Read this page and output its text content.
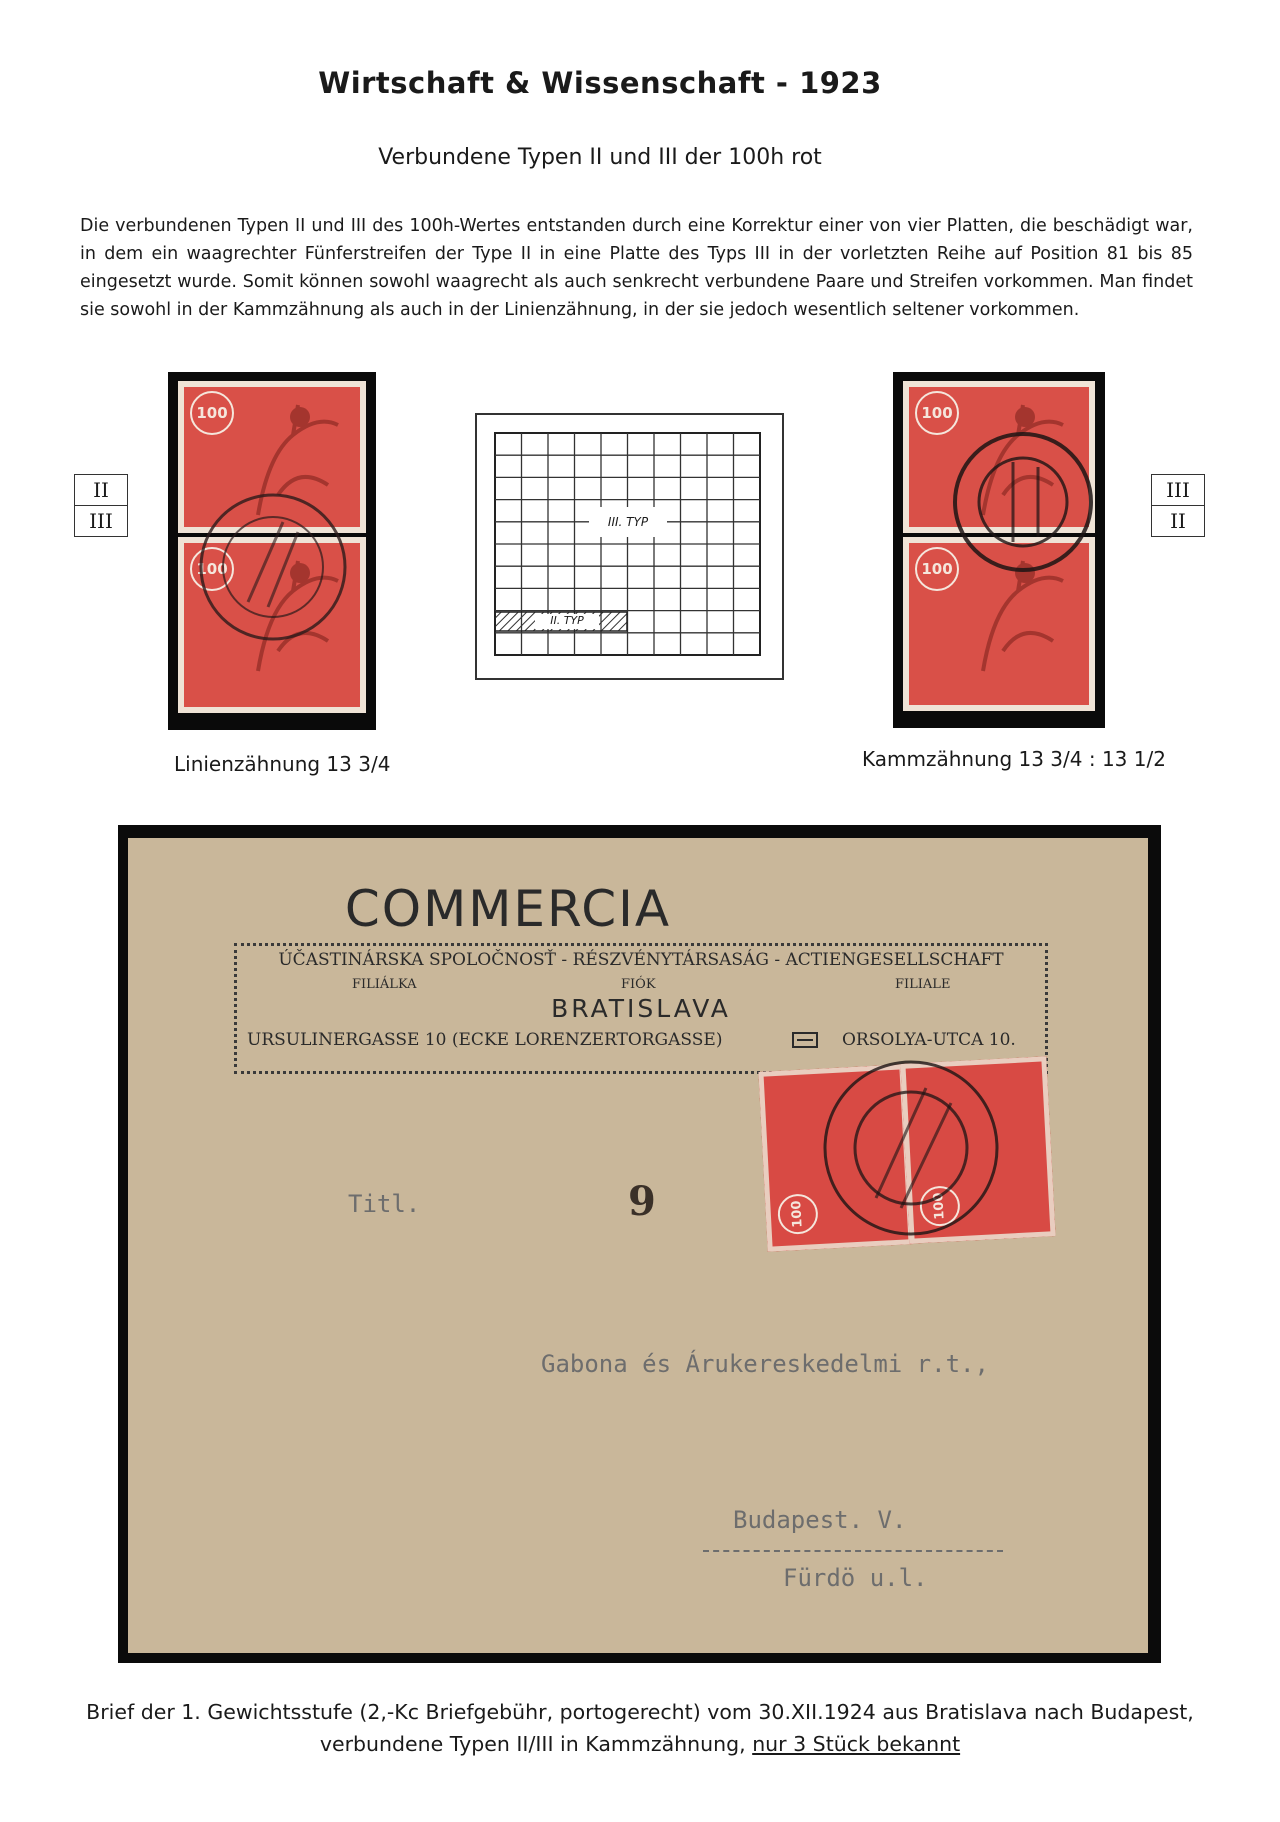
Wirtschaft & Wissenschaft - 1923
Verbundene Typen II und III der 100h rot
Die verbundenen Typen II und III des 100h-Wertes entstanden durch eine Korrektur einer von vier Platten, die beschädigt war, in dem ein waagrechter Fünferstreifen der Type II in eine Platte des Typs III in der vorletzten Reihe auf Position 81 bis 85 eingesetzt wurde. Somit können sowohl waagrecht als auch senkrecht verbundene Paare und Streifen vorkommen. Man findet sie sowohl in der Kammzähnung als auch in der Linienzähnung, in der sie jedoch wesentlich seltener vorkommen.
II
III
100
100
III. TYP
II. TYP
100
100
III
II
Linienzähnung 13 3/4	Kammzähnung 13 3/4 : 13 1/2
COMMERCIA
ÚČASTINÁRSKA SPOLOČNOSŤ - RÉSZVÉNYTÁRSASÁG - ACTIENGESELLSCHAFT
FILIÁLKA	FIÓK	FILIALE
BRATISLAVA
URSULINERGASSE 10 (ECKE LORENZERTORGASSE)	ORSOLYA-UTCA 10.
100	100
9
Titl.
Gabona és Árukereskedelmi r.t.,
Budapest. V.
Fürdö u.l.
Brief der 1. Gewichtsstufe (2,-Kc Briefgebühr, portogerecht) vom 30.XII.1924 aus Bratislava nach Budapest,
verbundene Typen II/III in Kammzähnung, nur 3 Stück bekannt
